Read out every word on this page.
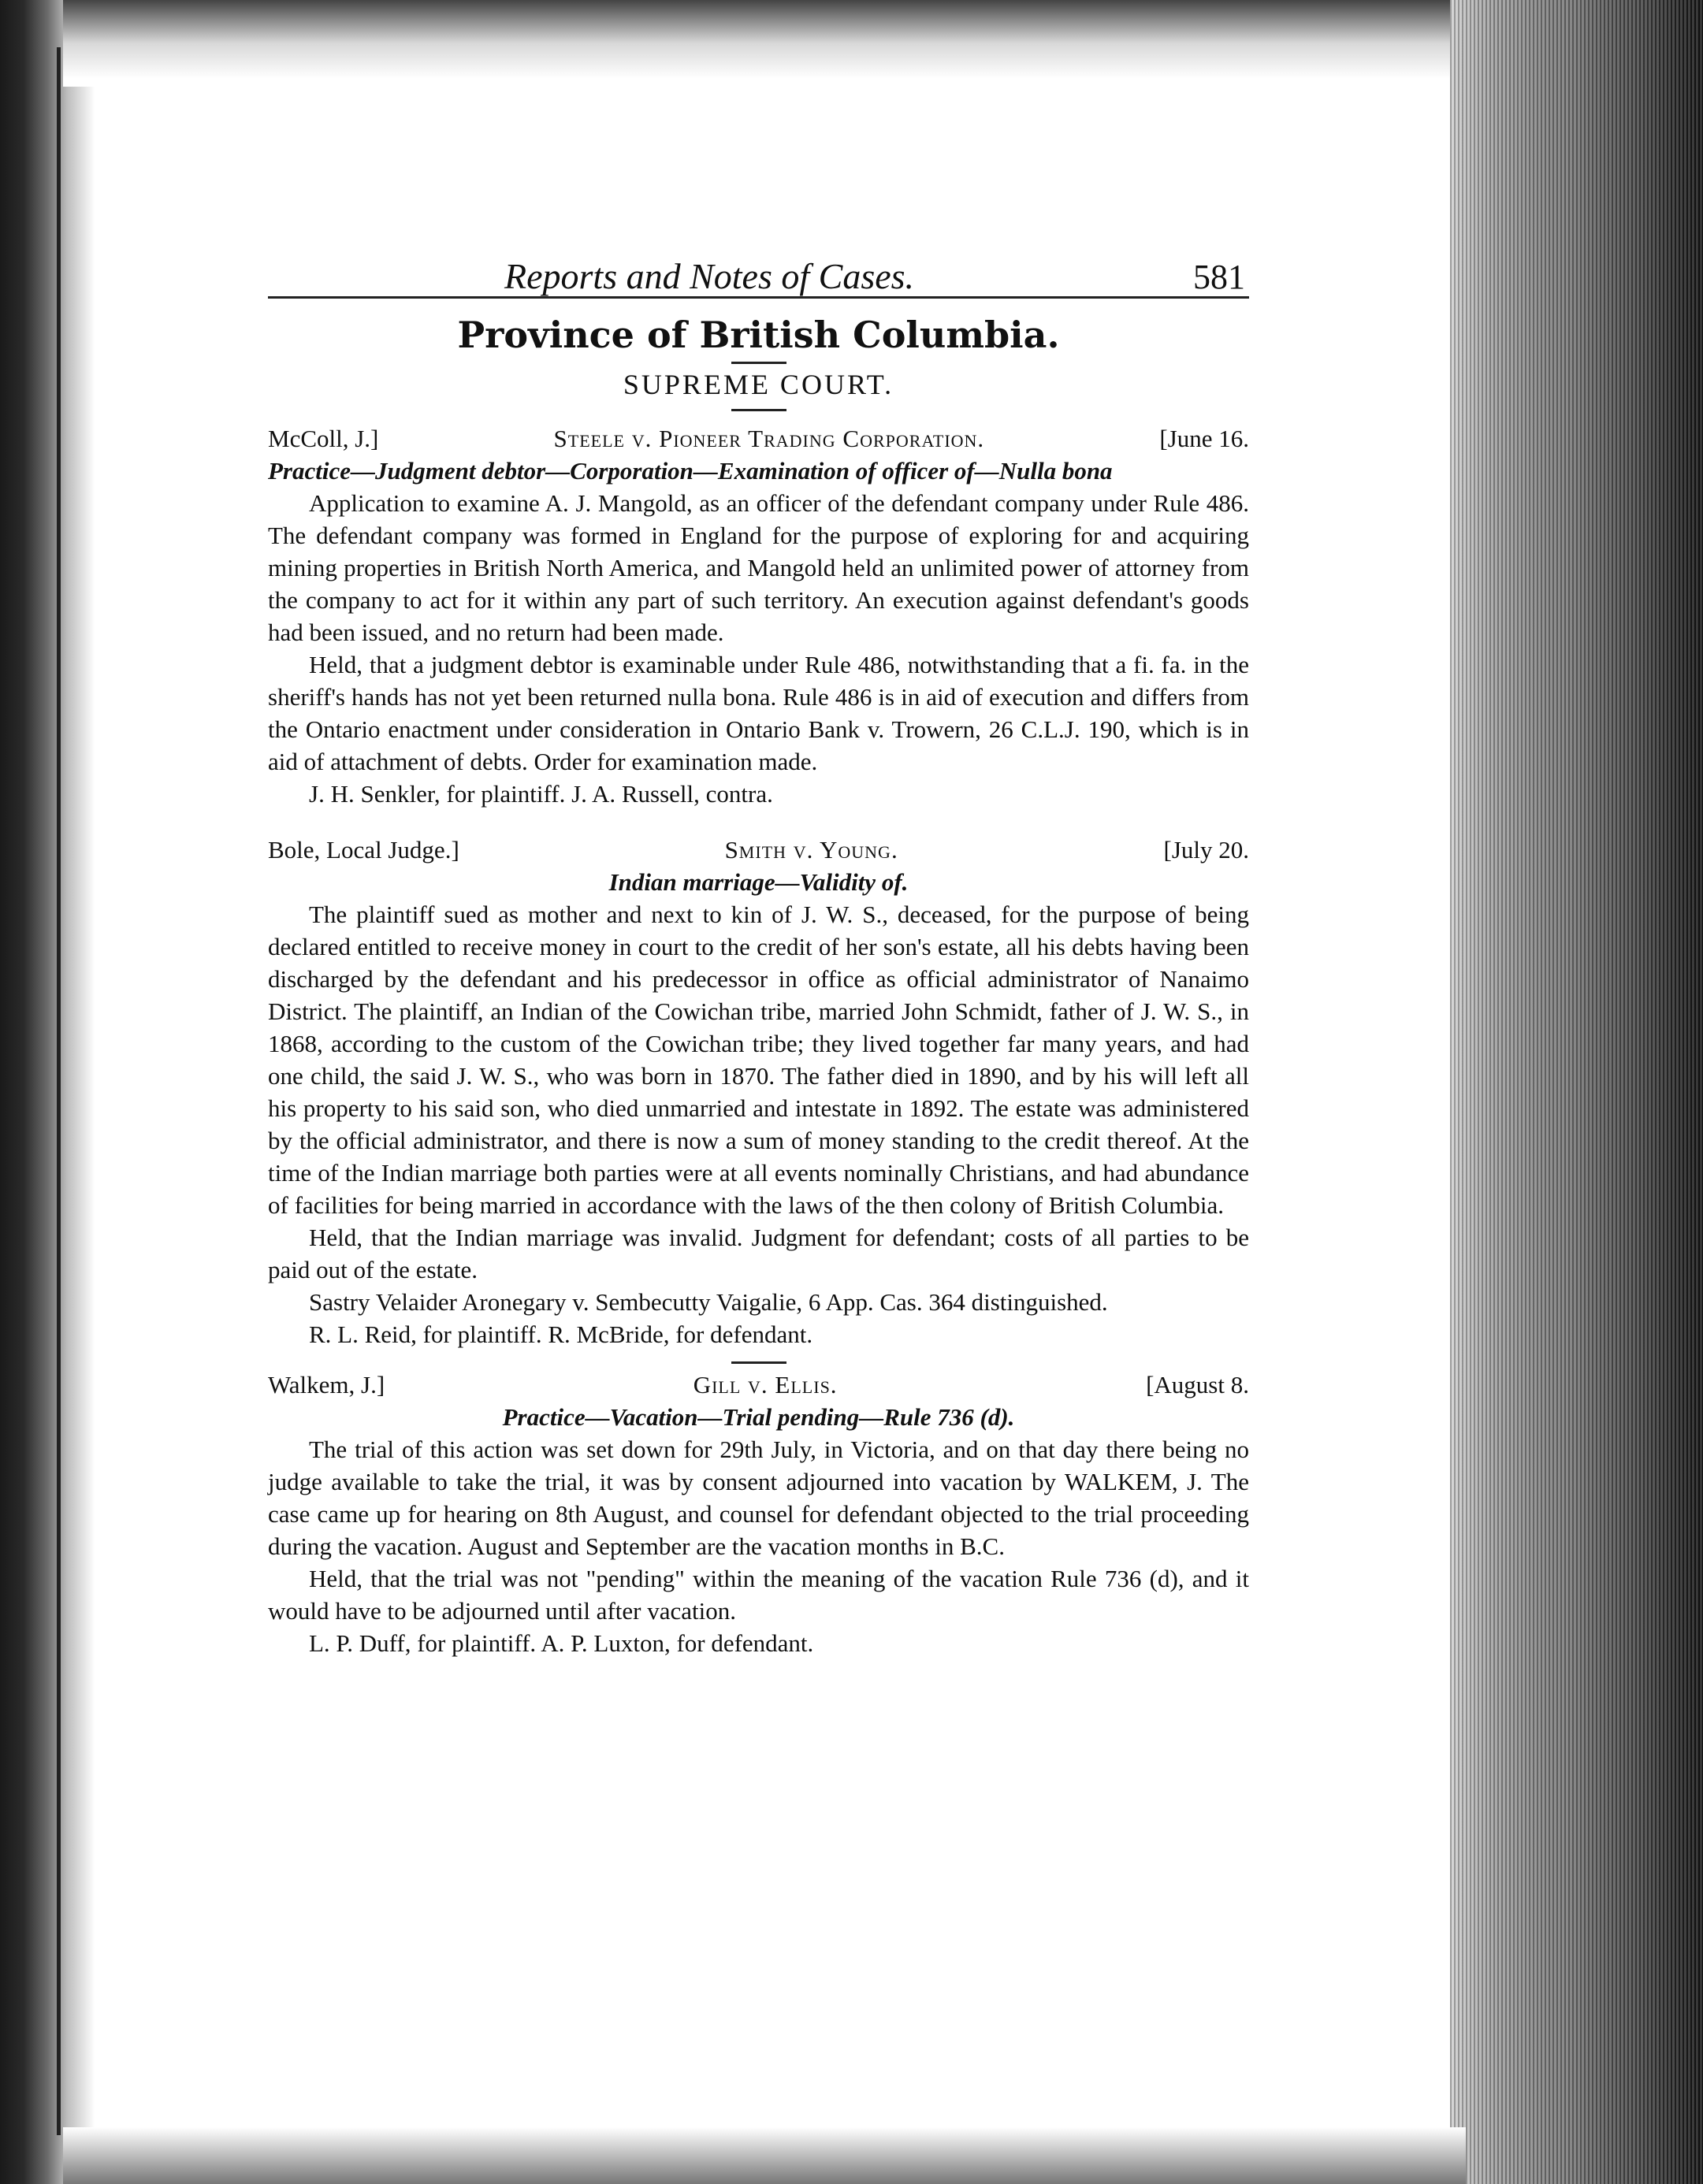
Reports and Notes of Cases.	581
Province of British Columbia.
SUPREME COURT.
McColl, J.]	Steele v. Pioneer Trading Corporation.	[June 16.

Practice—Judgment debtor—Corporation—Examination of officer of—Nulla bona

Application to examine A. J. Mangold, as an officer of the defendant company under Rule 486. The defendant company was formed in England for the purpose of exploring for and acquiring mining properties in British North America, and Mangold held an unlimited power of attorney from the company to act for it within any part of such territory. An execution against defendant's goods had been issued, and no return had been made.

Held, that a judgment debtor is examinable under Rule 486, notwithstanding that a fi. fa. in the sheriff's hands has not yet been returned nulla bona. Rule 486 is in aid of execution and differs from the Ontario enactment under consideration in Ontario Bank v. Trowern, 26 C.L.J. 190, which is in aid of attachment of debts. Order for examination made.

J. H. Senkler, for plaintiff. J. A. Russell, contra.

Bole, Local Judge.]	Smith v. Young.	[July 20.

Indian marriage—Validity of.

The plaintiff sued as mother and next to kin of J. W. S., deceased, for the purpose of being declared entitled to receive money in court to the credit of her son's estate, all his debts having been discharged by the defendant and his predecessor in office as official administrator of Nanaimo District. The plaintiff, an Indian of the Cowichan tribe, married John Schmidt, father of J. W. S., in 1868, according to the custom of the Cowichan tribe; they lived together far many years, and had one child, the said J. W. S., who was born in 1870. The father died in 1890, and by his will left all his property to his said son, who died unmarried and intestate in 1892. The estate was administered by the official administrator, and there is now a sum of money standing to the credit thereof. At the time of the Indian marriage both parties were at all events nominally Christians, and had abundance of facilities for being married in accordance with the laws of the then colony of British Columbia.

Held, that the Indian marriage was invalid. Judgment for defendant; costs of all parties to be paid out of the estate.

Sastry Velaider Aronegary v. Sembecutty Vaigalie, 6 App. Cas. 364 distinguished.

R. L. Reid, for plaintiff. R. McBride, for defendant.

Walkem, J.]	Gill v. Ellis.	[August 8.

Practice—Vacation—Trial pending—Rule 736 (d).

The trial of this action was set down for 29th July, in Victoria, and on that day there being no judge available to take the trial, it was by consent adjourned into vacation by WALKEM, J. The case came up for hearing on 8th August, and counsel for defendant objected to the trial proceeding during the vacation. August and September are the vacation months in B.C.

Held, that the trial was not "pending" within the meaning of the vacation Rule 736 (d), and it would have to be adjourned until after vacation.

L. P. Duff, for plaintiff. A. P. Luxton, for defendant.
